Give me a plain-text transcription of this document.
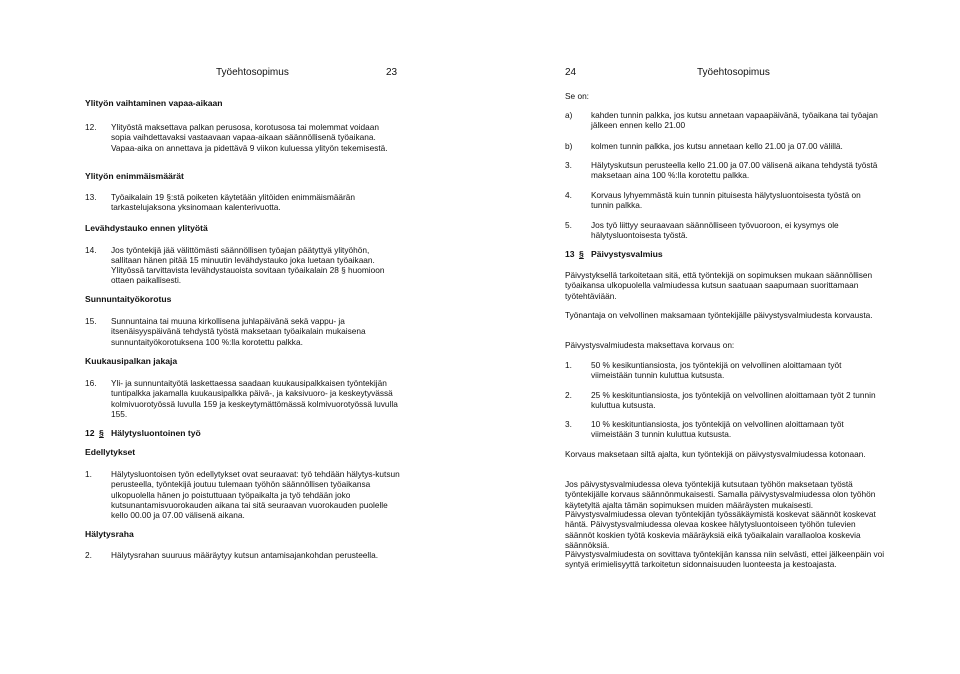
Työehtosopimus	23
Ylityön vaihtaminen vapaa-aikaan
12. Ylityöstä maksettava palkan perusosa, korotusosa tai molemmat voidaan sopia vaihdettavaksi vastaavaan vapaa-aikaan säännöllisenä työaikana. Vapaa-aika on annettava ja pidettävä 9 viikon kuluessa ylityön tekemisestä.
Ylityön enimmäismäärät
13. Työaikalain 19 §:stä poiketen käytetään ylitöiden enimmäismäärän tarkastelujaksona yksinomaan kalenterivuotta.
Levähdystauko ennen ylityötä
14. Jos työntekijä jää välittömästi säännöllisen työajan päätyttyä ylityöhön, sallitaan hänen pitää 15 minuutin levähdystauko joka luetaan työaikaan.
Ylityössä tarvittavista levähdystauoista sovitaan työaikalain 28 § huomioon ottaen paikallisesti.
Sunnuntaityökorotus
15. Sunnuntaina tai muuna kirkollisena juhlapäivänä sekä vappu- ja itsenäisyyspäivänä tehdystä työstä maksetaan työaikalain mukaisena sunnuntaityökorotuksena 100 %:lla korotettu palkka.
Kuukausipalkan jakaja
16. Yli- ja sunnuntaityötä laskettaessa saadaan kuukausipalkkaisen työntekijän tuntipalkka jakamalla kuukausipalkka päivä-, ja kaksivuoro- ja keskeytyvässä kolmivuorotyössä luvulla 159 ja keskeytymättömässä kolmivuorotyössä luvulla 155.
12 § Hälytysluontoinen työ
Edellytykset
1. Hälytysluontoisen työn edellytykset ovat seuraavat: työ tehdään hälytys-kutsun perusteella, työntekijä joutuu tulemaan työhön säännöllisen työaikansa ulkopuolella hänen jo poistuttuaan työpaikalta ja työ tehdään joko kutsunantamisvuorokauden aikana tai sitä seuraavan vuorokauden puolelle kello 00.00 ja 07.00 välisenä aikana.
Hälytysraha
2. Hälytysrahan suuruus määräytyy kutsun antamisajankohdan perusteella.
24	Työehtosopimus
Se on:
a) kahden tunnin palkka, jos kutsu annetaan vapaapäivänä, työaikana tai työajan jälkeen ennen kello 21.00
b) kolmen tunnin palkka, jos kutsu annetaan kello 21.00 ja 07.00 välillä.
3. Hälytyskutsun perusteella kello 21.00 ja 07.00 välisenä aikana tehdystä työstä maksetaan aina 100 %:lla korotettu palkka.
4. Korvaus lyhyemmästä kuin tunnin pituisesta hälytysluontoisesta työstä on tunnin palkka.
5. Jos työ liittyy seuraavaan säännölliseen työvuoroon, ei kysymys ole hälytysluontoisesta työstä.
13 § Päivystysvalmius
Päivystyksellä tarkoitetaan sitä, että työntekijä on sopimuksen mukaan säännöllisen työaikansa ulkopuolella valmiudessa kutsun saatuaan saapumaan suorittamaan työtehtäviään.
Työnantaja on velvollinen maksamaan työntekijälle päivystysvalmiudesta korvausta.
Päivystysvalmiudesta maksettava korvaus on:
1. 50 % kesikuntiansiosta, jos työntekijä on velvollinen aloittamaan työt viimeistään tunnin kuluttua kutsusta.
2. 25 % keskituntiansiosta, jos työntekijä on velvollinen aloittamaan työt 2 tunnin kuluttua kutsusta.
3. 10 % keskituntiansiosta, jos työntekijä on velvollinen aloittamaan työt viimeistään 3 tunnin kuluttua kutsusta.
Korvaus maksetaan siltä ajalta, kun työntekijä on päivystysvalmiudessa kotonaan.
Jos päivystysvalmiudessa oleva työntekijä kutsutaan työhön maksetaan työstä työntekijälle korvaus säännönmukaisesti. Samalla päivystysvalmiudessa olon työhön käytetyltä ajalta tämän sopimuksen muiden määräysten mukaisesti.
Päivystysvalmiudessa olevan työntekijän työssäkäymistä koskevat säännöt koskevat häntä. Päivystysvalmiudessa olevaa koskee hälytysluontoiseen työhön tulevien säännöt koskien työtä koskevia määräyksiä eikä työaikalain varallaoloa koskevia säännöksiä.
Päivystysvalmiudesta on sovittava työntekijän kanssa niin selvästi, ettei jälkeenpäin voi syntyä erimielisyyttä tarkoitetun sidonnaisuuden luonteesta ja kestoajasta.
